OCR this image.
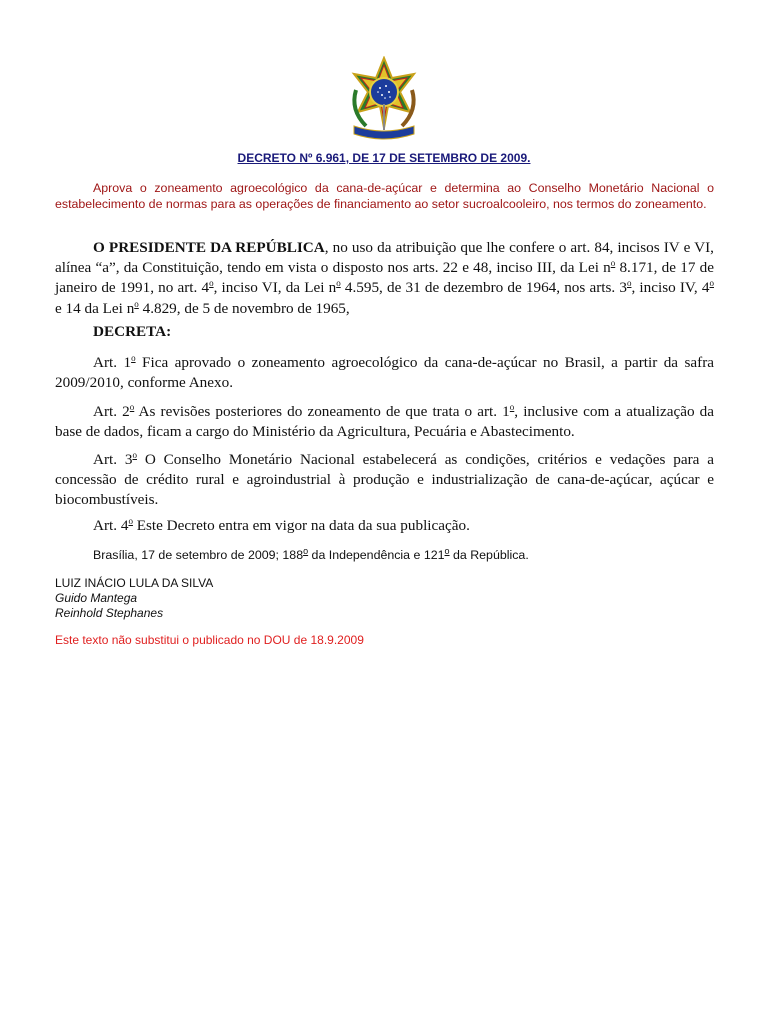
DECRETO Nº 6.961, DE 17 DE SETEMBRO DE 2009.

Aprova o zoneamento agroecológico da cana-de-açúcar e determina ao Conselho Monetário Nacional o estabelecimento de normas para as operações de financiamento ao setor sucroalcooleiro, nos termos do zoneamento.

O PRESIDENTE DA REPÚBLICA, no uso da atribuição que lhe confere o art. 84, incisos IV e VI, alínea “a”, da Constituição, tendo em vista o disposto nos arts. 22 e 48, inciso III, da Lei $n^o$ 8.171, de 17 de janeiro de 1991, no art. 4$^o$, inciso VI, da Lei $n^o$ 4.595, de 31 de dezembro de 1964, nos arts. 3$^o$, inciso IV, 4$^o$ e 14 da Lei $n^o$ 4.829, de 5 de novembro de 1965,

DECRETA:

Art. 1$^o$ Fica aprovado o zoneamento agroecológico da cana-de-açúcar no Brasil, a partir da safra 2009/2010, conforme Anexo.

Art. 2$^o$ As revisões posteriores do zoneamento de que trata o art. 1$^o$, inclusive com a atualização da base de dados, ficam a cargo do Ministério da Agricultura, Pecuária e Abastecimento.

Art. 3$^o$ O Conselho Monetário Nacional estabelecerá as condições, critérios e vedações para a concessão de crédito rural e agroindustrial à produção e industrialização de cana-de-açúcar, açúcar e biocombustíveis.

Art. 4$^o$ Este Decreto entra em vigor na data da sua publicação.

Brasília, 17 de setembro de 2009; 188$^o$ da Independência e 121$^o$ da República.

LUIZ INÁCIO LULA DA SILVA

Guido Mantega

Reinhold Stephanes

Este texto não substitui o publicado no DOU de 18.9.2009
